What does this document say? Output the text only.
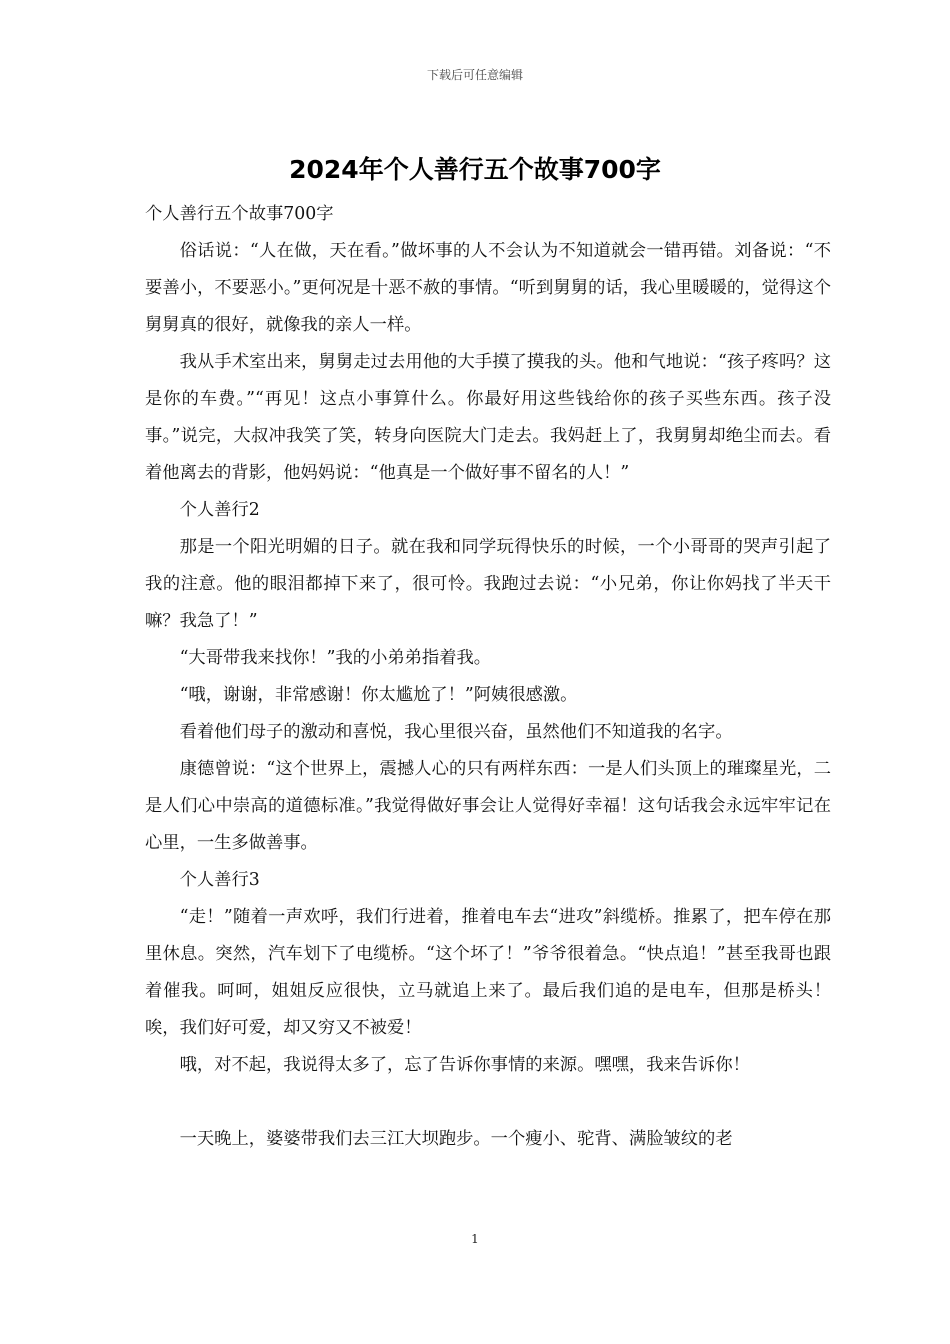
下载后可任意编辑
2024年个人善行五个故事700字

个人善行五个故事700字

俗话说：“人在做，天在看。”做坏事的人不会认为不知道就会一错再错。刘备说：“不要善小，不要恶小。”更何况是十恶不赦的事情。“听到舅舅的话，我心里暖暖的，觉得这个舅舅真的很好，就像我的亲人一样。

我从手术室出来，舅舅走过去用他的大手摸了摸我的头。他和气地说：“孩子疼吗？这是你的车费。”“再见！这点小事算什么。你最好用这些钱给你的孩子买些东西。孩子没事。”说完，大叔冲我笑了笑，转身向医院大门走去。我妈赶上了，我舅舅却绝尘而去。看着他离去的背影，他妈妈说：“他真是一个做好事不留名的人！”

个人善行2

那是一个阳光明媚的日子。就在我和同学玩得快乐的时候，一个小哥哥的哭声引起了我的注意。他的眼泪都掉下来了，很可怜。我跑过去说：“小兄弟，你让你妈找了半天干嘛？我急了！”

“大哥带我来找你！”我的小弟弟指着我。

“哦，谢谢，非常感谢！你太尴尬了！”阿姨很感激。

看着他们母子的激动和喜悦，我心里很兴奋，虽然他们不知道我的名字。

康德曾说：“这个世界上，震撼人心的只有两样东西：一是人们头顶上的璀璨星光，二是人们心中崇高的道德标准。”我觉得做好事会让人觉得好幸福！这句话我会永远牢牢记在心里，一生多做善事。

个人善行3

“走！”随着一声欢呼，我们行进着，推着电车去“进攻”斜缆桥。推累了，把车停在那里休息。突然，汽车划下了电缆桥。“这个坏了！”爷爷很着急。“快点追！”甚至我哥也跟着催我。呵呵，姐姐反应很快，立马就追上来了。最后我们追的是电车，但那是桥头！唉，我们好可爱，却又穷又不被爱！

哦，对不起，我说得太多了，忘了告诉你事情的来源。嘿嘿，我来告诉你！

一天晚上，婆婆带我们去三江大坝跑步。一个瘦小、驼背、满脸皱纹的老

1
